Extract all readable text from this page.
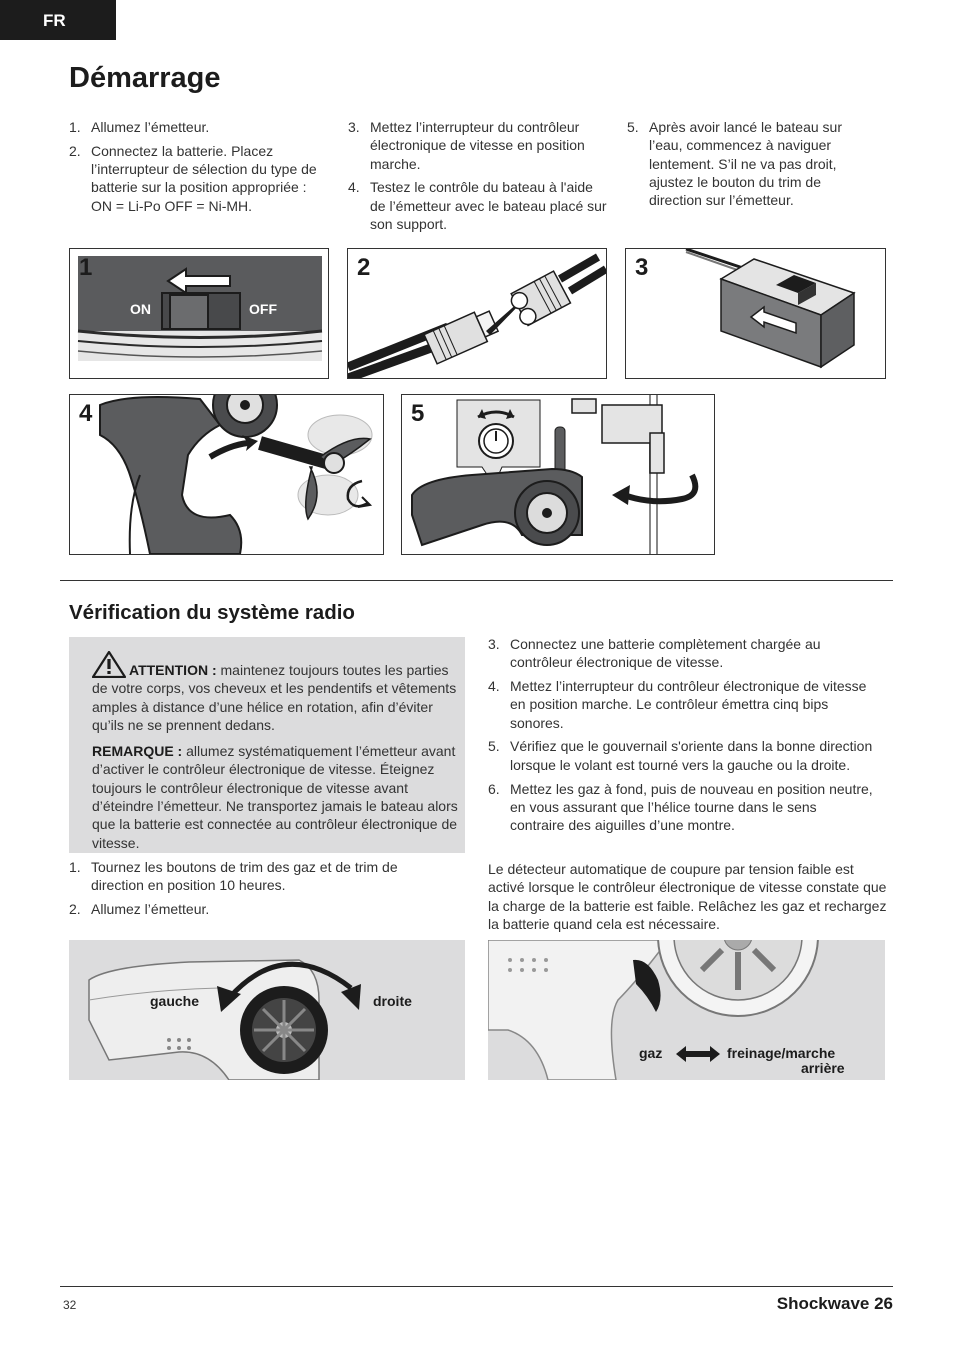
FR
Démarrage
1. Allumez l’émetteur.
2. Connectez la batterie. Placez l’interrupteur de sélection du type de batterie sur la position appropriée : ON = Li-Po OFF = Ni-MH.
3. Mettez l’interrupteur du contrôleur électronique de vitesse en position marche.
4. Testez le contrôle du bateau à l'aide de l’émetteur avec le bateau placé sur son support.
5. Après avoir lancé le bateau sur l’eau, commencez à naviguer lentement. S’il ne va pas droit, ajustez le bouton du trim de direction sur l’émetteur.
1
ON	OFF
2	3
4	5
Vérification du système radio

ATTENTION : maintenez toujours toutes les parties de votre corps, vos cheveux et les pendentifs et vêtements amples à distance d’une hélice en rotation, afin d’éviter qu’ils ne se prennent dedans.

REMARQUE : allumez systématiquement l’émetteur avant d’activer le contrôleur électronique de vitesse. Éteignez toujours le contrôleur électronique de vitesse avant d’éteindre l’émetteur. Ne transportez jamais le bateau alors que la batterie est connectée au contrôleur électronique de vitesse.

1. Tournez les boutons de trim des gaz et de trim de direction en position 10 heures.
2. Allumez l’émetteur.
3. Connectez une batterie complètement chargée au contrôleur électronique de vitesse.
4. Mettez l’interrupteur du contrôleur électronique de vitesse en position marche. Le contrôleur émettra cinq bips sonores.
5. Vérifiez que le gouvernail s'oriente dans la bonne direction lorsque le volant est tourné vers la gauche ou la droite.
6. Mettez les gaz à fond, puis de nouveau en position neutre, en vous assurant que l’hélice tourne dans le sens contraire des aiguilles d’une montre.

Le détecteur automatique de coupure par tension faible est activé lorsque le contrôleur électronique de vitesse constate que la charge de la batterie est faible. Relâchez les gaz et rechargez la batterie quand cela est nécessaire.

gauche	droite
gaz	freinage/marche
arrière
32	Shockwave 26
